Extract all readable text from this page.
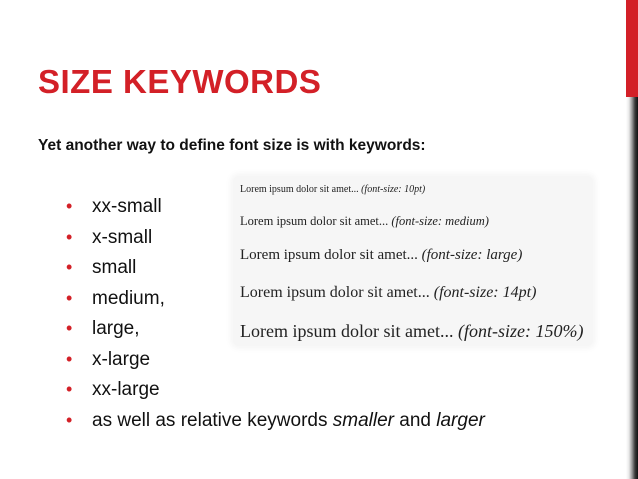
SIZE KEYWORDS

Yet another way to define font size is with keywords:

• xx-small
• x-small
• small
• medium,
• large,
• x-large
• xx-large
• as well as relative keywords smaller and larger

Lorem ipsum dolor sit amet... (font-size: 10pt)

Lorem ipsum dolor sit amet... (font-size: medium)

Lorem ipsum dolor sit amet... (font-size: large)

Lorem ipsum dolor sit amet... (font-size: 14pt)

Lorem ipsum dolor sit amet... (font-size: 150%)
